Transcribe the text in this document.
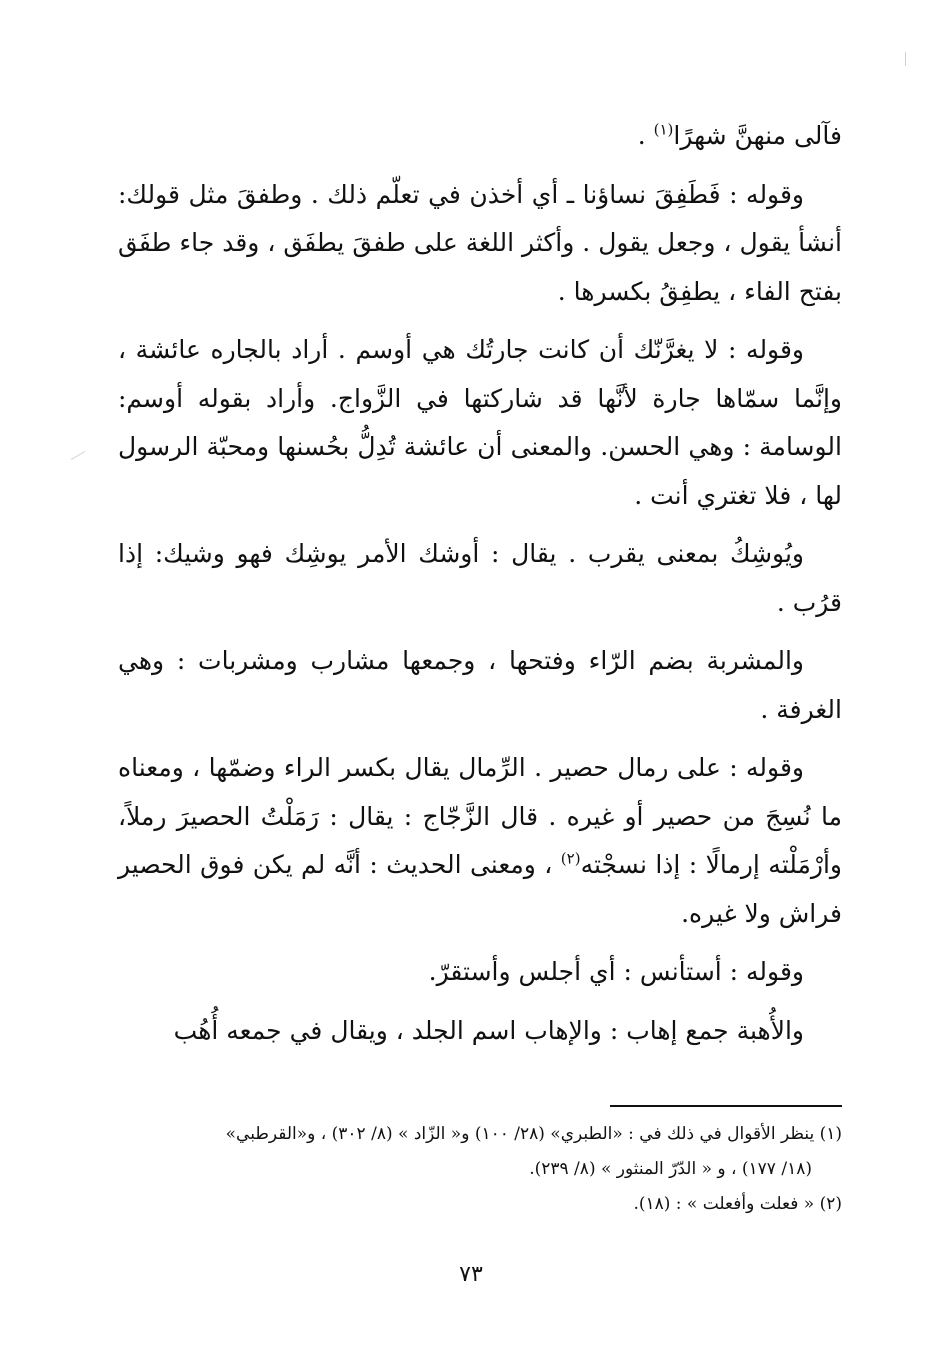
فآلى منهنَّ شهرًا$^{(١)}$ .

وقوله : فَطَفِقَ نساؤنا ـ أي أخذن في تعلّم ذلك . وطفقَ مثل قولك: أنشأ يقول ، وجعل يقول . وأكثر اللغة على طفقَ يطفَق ، وقد جاء طفَق بفتح الفاء ، يطفِقُ بكسرها .

وقوله : لا يغرَّنّك أن كانت جارتُك هي أوسم . أراد بالجاره عائشة ، وإنَّما سمّاها جارة لأنَّها قد شاركتها في الزَّواج. وأراد بقوله أوسم: الوسامة : وهي الحسن. والمعنى أن عائشة تُدِلُّ بحُسنها ومحبّة الرسول لها ، فلا تغتري أنت .

ويُوشِكُ بمعنى يقرب . يقال : أوشك الأمر يوشِك فهو وشيك: إذا قرُب .

والمشربة بضم الرّاء وفتحها ، وجمعها مشارب ومشربات : وهي الغرفة .

وقوله : على رمال حصير . الرِّمال يقال بكسر الراء وضمّها ، ومعناه ما نُسِجَ من حصير أو غيره . قال الزَّجّاج : يقال : رَمَلْتُ الحصيرَ رملاً، وأرْمَلْته إرمالًا : إذا نسجْته$^{(٢)}$ ، ومعنى الحديث : أنَّه لم يكن فوق الحصير فراش ولا غيره.

وقوله : أستأنس : أي أجلس وأستقرّ.

والأُهبة جمع إهاب : والإهاب اسم الجلد ، ويقال في جمعه أُهُب

(١) ينظر الأقوال في ذلك في : «الطبري» (٢٨/ ١٠٠) و« الزّاد » (٨/ ٣٠٢) ، و«القرطبي»

(١٨/ ١٧٧) ، و « الدّرّ المنثور » (٨/ ٢٣٩).

(٢) « فعلت وأفعلت » : (١٨).

٧٣
